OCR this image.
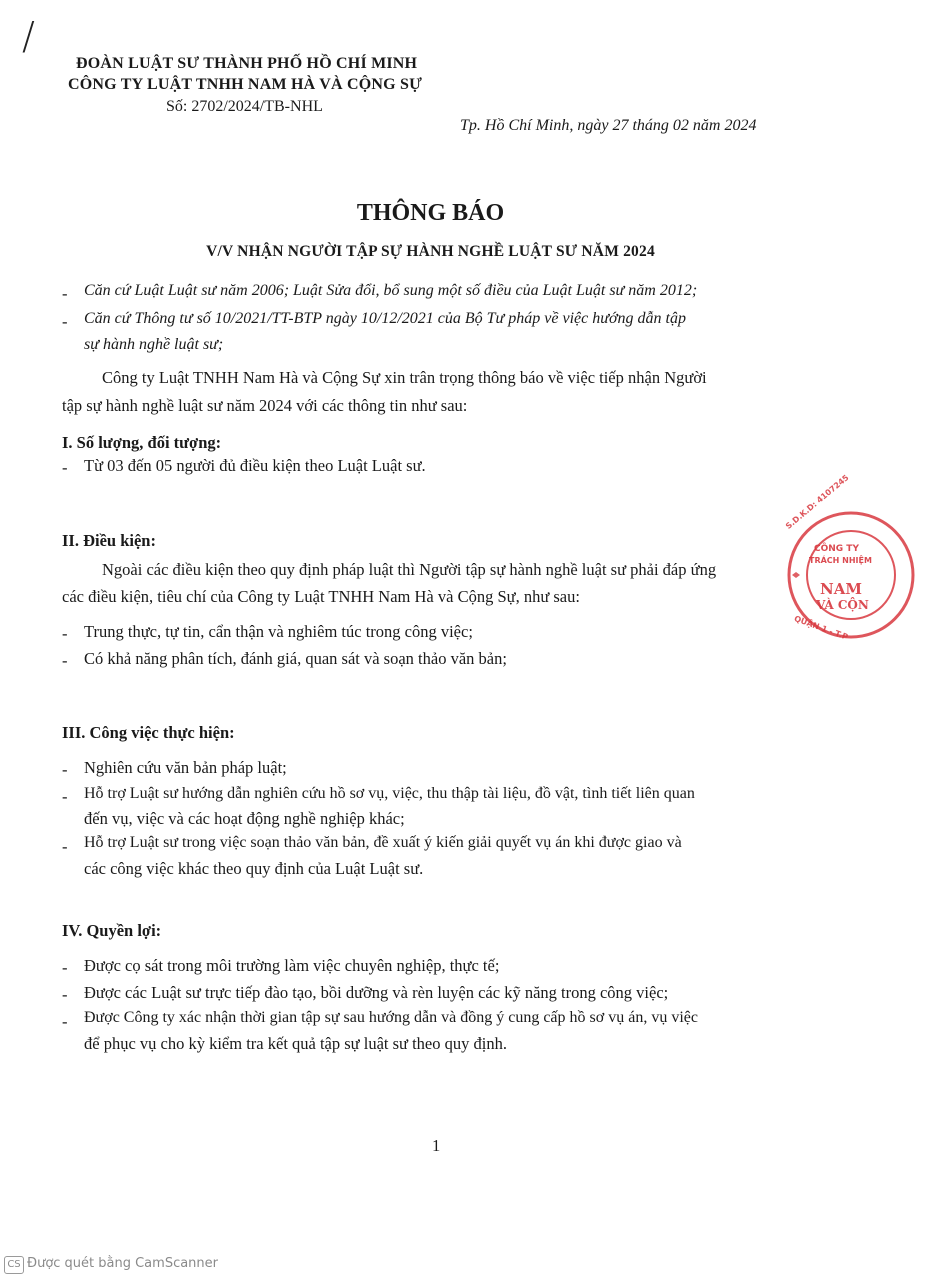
/
ĐOÀN LUẬT SƯ THÀNH PHỐ HỒ CHÍ MINH
CÔNG TY LUẬT TNHH NAM HÀ VÀ CỘNG SỰ
Số: 2702/2024/TB-NHL
Tp. Hồ Chí Minh, ngày 27 tháng 02 năm 2024
THÔNG BÁO
V/V NHẬN NGƯỜI TẬP SỰ HÀNH NGHỀ LUẬT SƯ NĂM 2024
- Căn cứ Luật Luật sư năm 2006; Luật Sửa đổi, bổ sung một số điều của Luật Luật sư năm 2012;
- Căn cứ Thông tư số 10/2021/TT-BTP ngày 10/12/2021 của Bộ Tư pháp về việc hướng dẫn tập
sự hành nghề luật sư;
Công ty Luật TNHH Nam Hà và Cộng Sự xin trân trọng thông báo về việc tiếp nhận Người
tập sự hành nghề luật sư năm 2024 với các thông tin như sau:
I. Số lượng, đối tượng:
- Từ 03 đến 05 người đủ điều kiện theo Luật Luật sư.
II. Điều kiện:
Ngoài các điều kiện theo quy định pháp luật thì Người tập sự hành nghề luật sư phải đáp ứng
các điều kiện, tiêu chí của Công ty Luật TNHH Nam Hà và Cộng Sự, như sau:
- Trung thực, tự tin, cẩn thận và nghiêm túc trong công việc;
- Có khả năng phân tích, đánh giá, quan sát và soạn thảo văn bản;
III. Công việc thực hiện:
- Nghiên cứu văn bản pháp luật;
- Hỗ trợ Luật sư hướng dẫn nghiên cứu hồ sơ vụ, việc, thu thập tài liệu, đồ vật, tình tiết liên quan
đến vụ, việc và các hoạt động nghề nghiệp khác;
- Hỗ trợ Luật sư trong việc soạn thảo văn bản, đề xuất ý kiến giải quyết vụ án khi được giao và
các công việc khác theo quy định của Luật Luật sư.
IV. Quyền lợi:
- Được cọ sát trong môi trường làm việc chuyên nghiệp, thực tế;
- Được các Luật sư trực tiếp đào tạo, bồi dưỡng và rèn luyện các kỹ năng trong công việc;
- Được Công ty xác nhận thời gian tập sự sau hướng dẫn và đồng ý cung cấp hồ sơ vụ án, vụ việc
để phục vụ cho kỳ kiểm tra kết quả tập sự luật sư theo quy định.
1
S.D.K.D: 4107245
CÔNG TY
TRÁCH NHIỆM
NAM
VÀ CỘN
QUẬN 1 - T.P
CS Được quét bằng CamScanner
